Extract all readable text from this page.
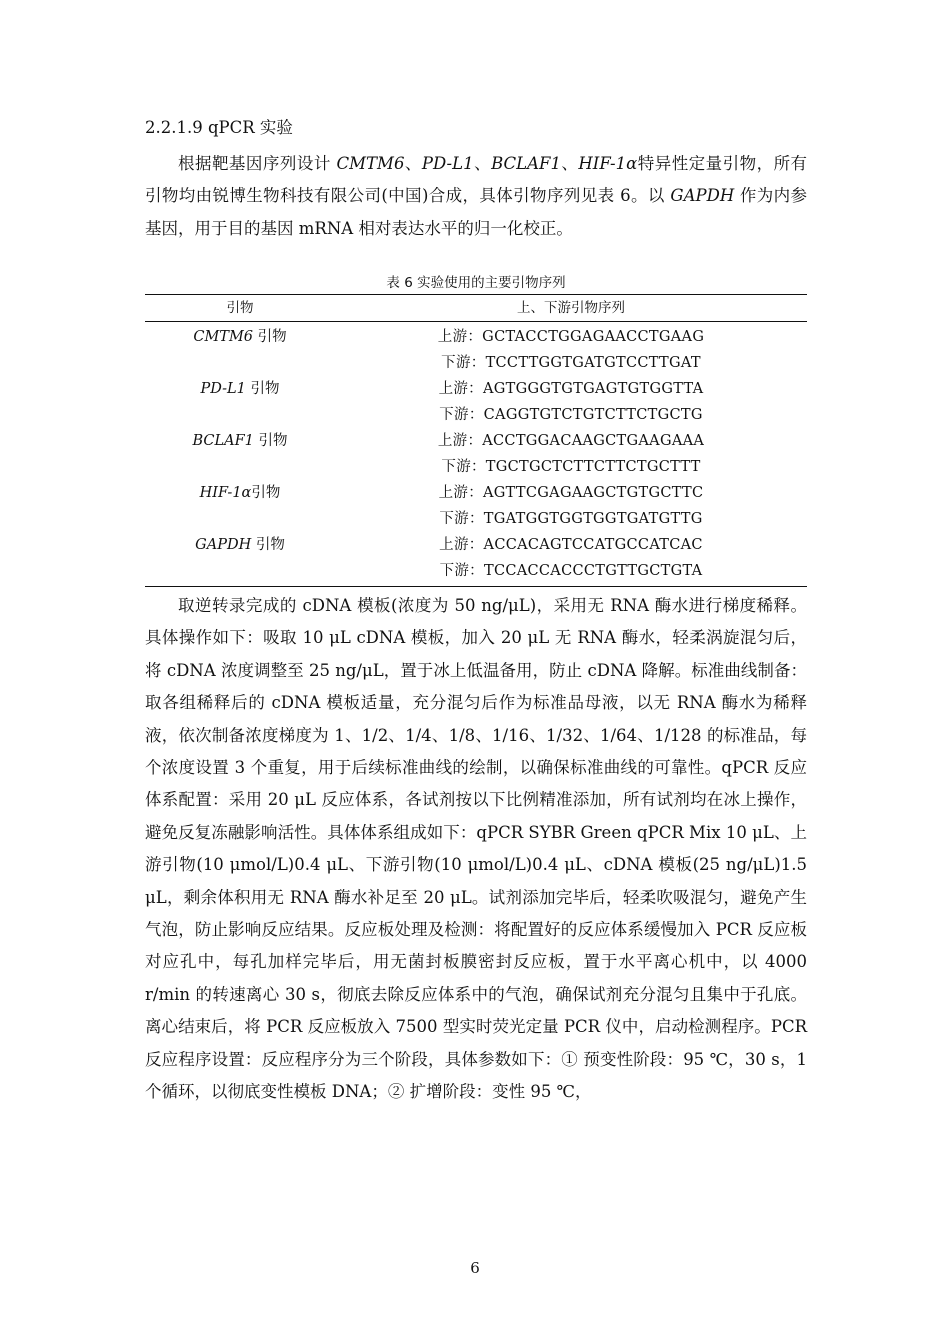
2.2.1.9 qPCR 实验

根据靶基因序列设计 CMTM6、PD-L1、BCLAF1、HIF-1α特异性定量引物，所有引物均由锐博生物科技有限公司(中国)合成，具体引物序列见表 6。以 GAPDH 作为内参基因，用于目的基因 mRNA 相对表达水平的归一化校正。

表 6 实验使用的主要引物序列
引物	上、下游引物序列
CMTM6 引物	上游：GCTACCTGGAGAACCTGAAG
下游：TCCTTGGTGATGTCCTTGAT
PD-L1 引物	上游：AGTGGGTGTGAGTGTGGTTA
下游：CAGGTGTCTGTCTTCTGCTG
BCLAF1 引物	上游：ACCTGGACAAGCTGAAGAAA
下游：TGCTGCTCTTCTTCTGCTTT
HIF-1α引物	上游：AGTTCGAGAAGCTGTGCTTC
下游：TGATGGTGGTGGTGATGTTG
GAPDH 引物	上游：ACCACAGTCCATGCCATCAC
下游：TCCACCACCCTGTTGCTGTA

取逆转录完成的 cDNA 模板(浓度为 50 ng/μL)，采用无 RNA 酶水进行梯度稀释。具体操作如下：吸取 10 μL cDNA 模板，加入 20 μL 无 RNA 酶水，轻柔涡旋混匀后，将 cDNA 浓度调整至 25 ng/μL，置于冰上低温备用，防止 cDNA 降解。标准曲线制备：取各组稀释后的 cDNA 模板适量，充分混匀后作为标准品母液，以无 RNA 酶水为稀释液，依次制备浓度梯度为 1、1/2、1/4、1/8、1/16、1/32、1/64、1/128 的标准品，每个浓度设置 3 个重复，用于后续标准曲线的绘制，以确保标准曲线的可靠性。qPCR 反应体系配置：采用 20 μL 反应体系，各试剂按以下比例精准添加，所有试剂均在冰上操作，避免反复冻融影响活性。具体体系组成如下：qPCR SYBR Green qPCR Mix 10 μL、上游引物(10 μmol/L)0.4 μL、下游引物(10 μmol/L)0.4 μL、cDNA 模板(25 ng/μL)1.5 μL，剩余体积用无 RNA 酶水补足至 20 μL。试剂添加完毕后，轻柔吹吸混匀，避免产生气泡，防止影响反应结果。反应板处理及检测：将配置好的反应体系缓慢加入 PCR 反应板对应孔中，每孔加样完毕后，用无菌封板膜密封反应板，置于水平离心机中，以 4000 r/min 的转速离心 30 s，彻底去除反应体系中的气泡，确保试剂充分混匀且集中于孔底。离心结束后，将 PCR 反应板放入 7500 型实时荧光定量 PCR 仪中，启动检测程序。PCR 反应程序设置：反应程序分为三个阶段，具体参数如下：① 预变性阶段：95 ℃，30 s，1 个循环，以彻底变性模板 DNA；② 扩增阶段：变性 95 ℃，

6
